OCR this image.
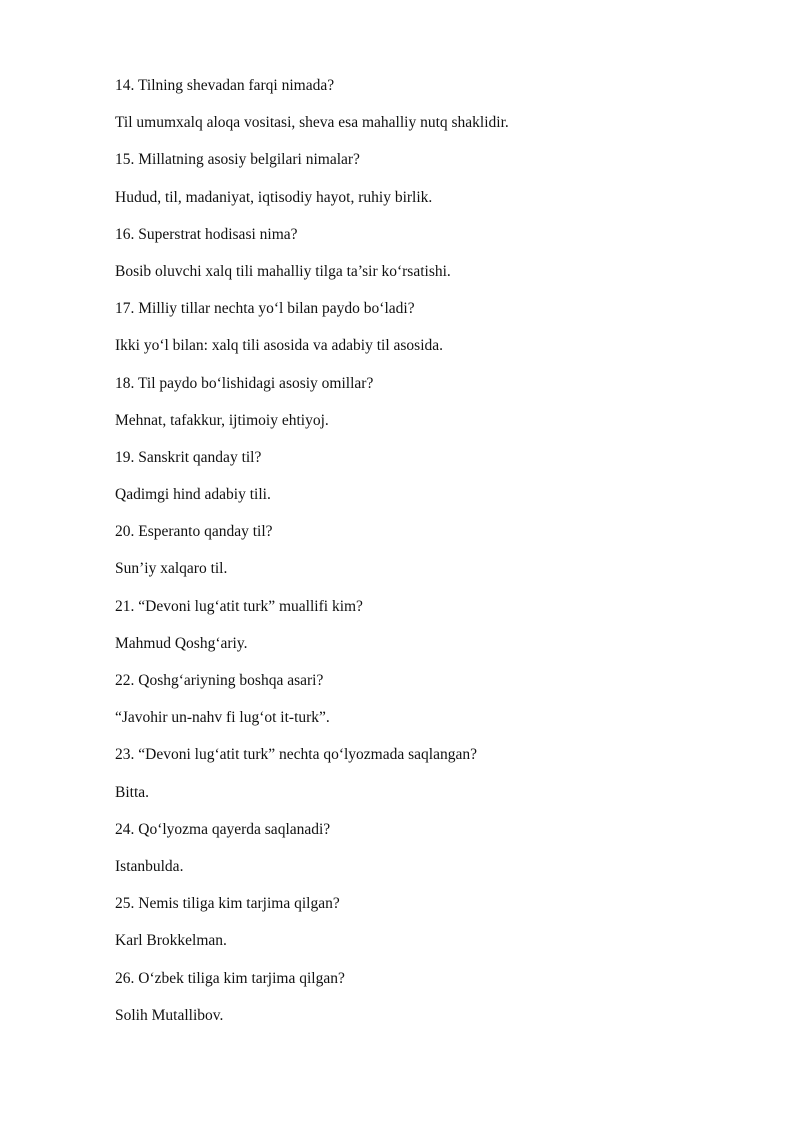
14. Tilning shevadan farqi nimada?

Til umumxalq aloqa vositasi, sheva esa mahalliy nutq shaklidir.

15. Millatning asosiy belgilari nimalar?

Hudud, til, madaniyat, iqtisodiy hayot, ruhiy birlik.

16. Superstrat hodisasi nima?

Bosib oluvchi xalq tili mahalliy tilga ta’sir ko‘rsatishi.

17. Milliy tillar nechta yo‘l bilan paydo bo‘ladi?

Ikki yo‘l bilan: xalq tili asosida va adabiy til asosida.

18. Til paydo bo‘lishidagi asosiy omillar?

Mehnat, tafakkur, ijtimoiy ehtiyoj.

19. Sanskrit qanday til?

Qadimgi hind adabiy tili.

20. Esperanto qanday til?

Sun’iy xalqaro til.

21. “Devoni lug‘atit turk” muallifi kim?

Mahmud Qoshg‘ariy.

22. Qoshg‘ariyning boshqa asari?

“Javohir un-nahv fi lug‘ot it-turk”.

23. “Devoni lug‘atit turk” nechta qo‘lyozmada saqlangan?

Bitta.

24. Qo‘lyozma qayerda saqlanadi?

Istanbulda.

25. Nemis tiliga kim tarjima qilgan?

Karl Brokkelman.

26. O‘zbek tiliga kim tarjima qilgan?

Solih Mutallibov.
